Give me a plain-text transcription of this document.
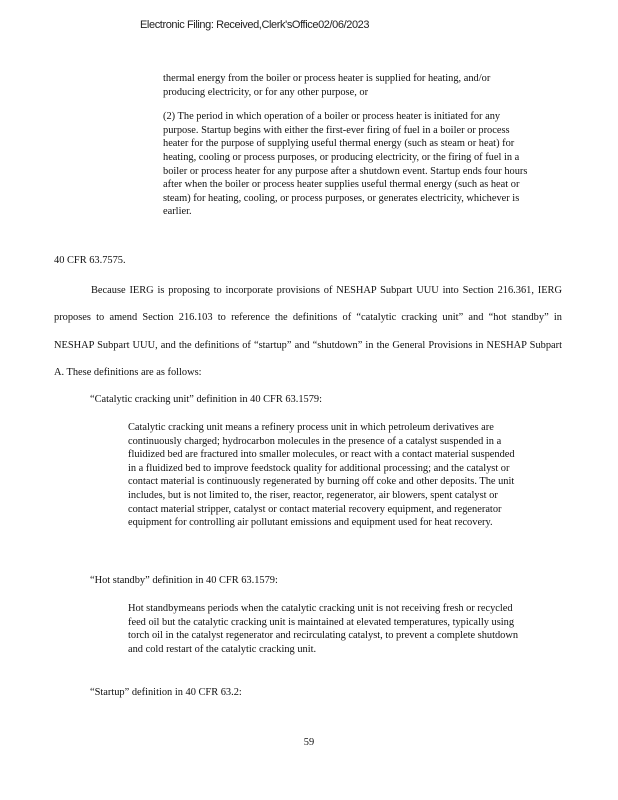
Electronic Filing: Received,Clerk'sOffice02/06/2023

thermal energy from the boiler or process heater is supplied for heating, and/or producing electricity, or for any other purpose, or

(2) The period in which operation of a boiler or process heater is initiated for any purpose. Startup begins with either the first-ever firing of fuel in a boiler or process heater for the purpose of supplying useful thermal energy (such as steam or heat) for heating, cooling or process purposes, or producing electricity, or the firing of fuel in a boiler or process heater for any purpose after a shutdown event. Startup ends four hours after when the boiler or process heater supplies useful thermal energy (such as heat or steam) for heating, cooling, or process purposes, or generates electricity, whichever is earlier.

40 CFR 63.7575.

Because IERG is proposing to incorporate provisions of NESHAP Subpart UUU into Section 216.361, IERG proposes to amend Section 216.103 to reference the definitions of “catalytic cracking unit” and “hot standby” in NESHAP Subpart UUU, and the definitions of “startup” and “shutdown” in the General Provisions in NESHAP Subpart A. These definitions are as follows:

“Catalytic cracking unit” definition in 40 CFR 63.1579:
Catalytic cracking unit means a refinery process unit in which petroleum derivatives are continuously charged; hydrocarbon molecules in the presence of a catalyst suspended in a fluidized bed are fractured into smaller molecules, or react with a contact material suspended in a fluidized bed to improve feedstock quality for additional processing; and the catalyst or contact material is continuously regenerated by burning off coke and other deposits. The unit includes, but is not limited to, the riser, reactor, regenerator, air blowers, spent catalyst or contact material stripper, catalyst or contact material recovery equipment, and regenerator equipment for controlling air pollutant emissions and equipment used for heat recovery.
“Hot standby” definition in 40 CFR 63.1579:
Hot standbymeans periods when the catalytic cracking unit is not receiving fresh or recycled feed oil but the catalytic cracking unit is maintained at elevated temperatures, typically using torch oil in the catalyst regenerator and recirculating catalyst, to prevent a complete shutdown and cold restart of the catalytic cracking unit.
“Startup” definition in 40 CFR 63.2:
59
